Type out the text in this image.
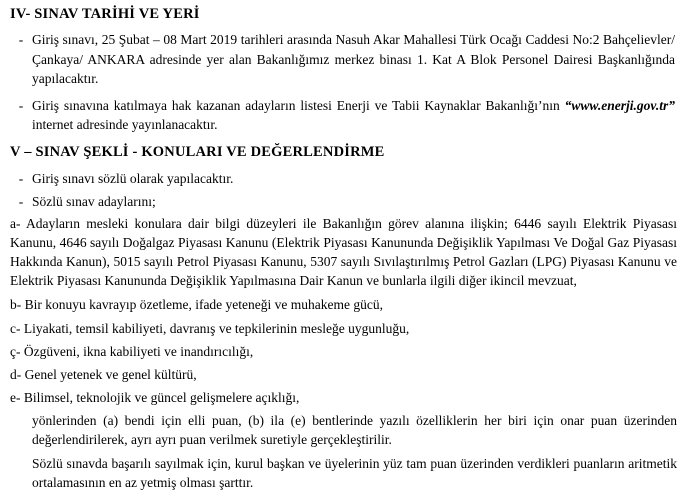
IV- SINAV TARİHİ VE YERİ
- Giriş sınavı, 25 Şubat – 08 Mart 2019 tarihleri arasında Nasuh Akar Mahallesi Türk Ocağı Caddesi No:2 Bahçelievler/Çankaya/ ANKARA adresinde yer alan Bakanlığımız merkez binası 1. Kat A Blok Personel Dairesi Başkanlığında yapılacaktır.
- Giriş sınavına katılmaya hak kazanan adayların listesi Enerji ve Tabii Kaynaklar Bakanlığı’nın “www.enerji.gov.tr” internet adresinde yayınlanacaktır.
V – SINAV ŞEKLİ - KONULARI VE DEĞERLENDİRME
- Giriş sınavı sözlü olarak yapılacaktır.
- Sözlü sınav adaylarını;
a- Adayların mesleki konulara dair bilgi düzeyleri ile Bakanlığın görev alanına ilişkin; 6446 sayılı Elektrik Piyasası Kanunu, 4646 sayılı Doğalgaz Piyasası Kanunu (Elektrik Piyasası Kanununda Değişiklik Yapılması Ve Doğal Gaz Piyasası Hakkında Kanun), 5015 sayılı Petrol Piyasası Kanunu, 5307 sayılı Sıvılaştırılmış Petrol Gazları (LPG) Piyasası Kanunu ve Elektrik Piyasası Kanununda Değişiklik Yapılmasına Dair Kanun ve bunlarla ilgili diğer ikincil mevzuat,
b- Bir konuyu kavrayıp özetleme, ifade yeteneği ve muhakeme gücü,
c- Liyakati, temsil kabiliyeti, davranış ve tepkilerinin mesleğe uygunluğu,
ç- Özgüveni, ikna kabiliyeti ve inandırıcılığı,
d- Genel yetenek ve genel kültürü,
e- Bilimsel, teknolojik ve güncel gelişmelere açıklığı,
yönlerinden (a) bendi için elli puan, (b) ila (e) bentlerinde yazılı özelliklerin her biri için onar puan üzerinden değerlendirilerek, ayrı ayrı puan verilmek suretiyle gerçekleştirilir.
Sözlü sınavda başarılı sayılmak için, kurul başkan ve üyelerinin yüz tam puan üzerinden verdikleri puanların aritmetik ortalamasının en az yetmiş olması şarttır.
